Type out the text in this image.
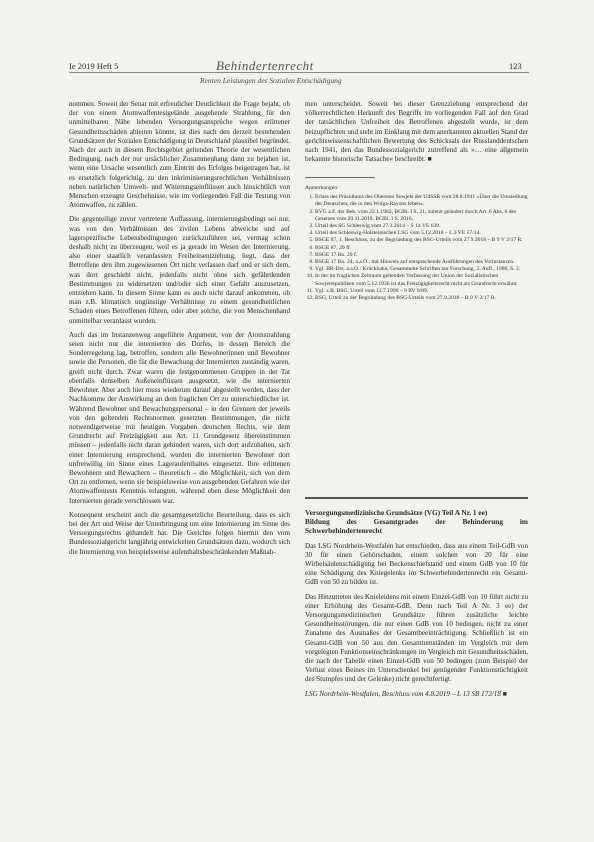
Ie 2019 Heft 5	Behindertenrecht	123
Renten Leistungen des Sozialen Entschädigung

nommen. Soweit der Senat mit erfreulicher Deutlichkeit die Frage bejaht, ob der von einem Atomwaffentestgelände ausgehende Strahlung für den unmittelbaren Nähe lebenden Versorgungsansprüche wegen erlittener Gesundheitsschäden ableiten könnte, ist dies nach den derzeit bestehenden Grundsätzen der Sozialen Entschädigung in Deutschland plausibel begründet. Nach der auch in diesem Rechtsgebiet geltenden Theorie der wesentlichen Bedingung, nach der nur ursächlicher Zusammenhang dann zu bejahen ist, wenn eine Ursache wesentlich zum Eintritt des Erfolges beigetragen hat, ist es ersetzlich folgerichtig, zu den inkriminierungsrechtlichen Verhältnissen neben natürlichen Umwelt- und Witterungseinflüssen auch hinsichtlich von Menschen erzeugte Geschehnisse, wie im vorliegenden Fall die Testung von Atomwaffen, zu zählen.

Die gegenteilige zuvor vertretene Auffassung, internierungsbedingt sei nur, was von den Verhältnissen des zivilen Lebens abweiche und auf lagerspezifische Lebensbedingungen zurückzuführen sei, vermag schon deshalb nicht zu überzeugen, weil es ja gerade im Wesen der Internierung, also einer staatlich veranlassten Freiheitsentziehung, liegt, dass der Betroffene den ihm zugewiesenen Ort nicht verlassen darf und er sich dem, was dort geschieht nicht, jedenfalls nicht ohne sich gefährdenden Bestimmungen zu widersetzen und/oder sich einer Gefahr auszusetzen, entziehen kann. In diesem Sinne kann es auch nicht darauf ankommen, ob man z.B. klimatisch ungünstige Verhältnisse zu einem gesundheitlichen Schaden eines Betroffenen führen, oder aber solche, die von Menschenhand unmittelbar veranlasst wurden.

Auch das im Instanzenweg angeführte Argument, von der Atomstrahlung seien nicht nur die internierten des Dorfes, in dessen Bereich die Sonderregelung lag, betroffen, sondern alle Bewohnerinnen und Bewohner sowie die Personen, die für die Bewachung der Internierten zuständig waren, greift nicht durch. Zwar waren die festgenommenen Gruppen in der Tat ebenfalls denselben Außeneinflüssen ausgesetzt, wie die internierten Bewohner. Aber auch hier muss wiederum darauf abgestellt werden, dass der Nachkomme der Auswirkung an dem fraglichen Ort zu unterschiedlicher ist. Während Bewohner und Bewachungspersonal – in den Grenzen der jeweils von den geltenden Rechtsnormen gesetzten Bestimmungen, die nicht notwendigerweise mit heutigen Vorgaben deutschen Rechts, wie dem Grundrecht auf Freizügigkeit aus Art. 11 Grundgesetz übereinstimmen müssen – jedenfalls nicht daran gehindert waren, sich dort aufzuhalten, sich einer Internierung entsprechend, wurden die internierten Bewohner dort unfreiwillig im Sinne eines Lageraufenthaltes eingesetzt. Ihre erlittenen Bewohnern und Bewachern – theoretisch – die Möglichkeit, sich von dem Ort zu entfernen, wenn sie beispielsweise von ausgehenden Gefahren wie der Atomwaffentests Kenntnis erlangten, während eben diese Möglichkeit den Internierten gerade verschlossen war.

Konsequent erscheint auch die gesamtgesetzliche Beurteilung, dass es sich bei der Art und Weise der Unterbringung um eine Internierung im Sinne des Versorgungsrechts gehandelt hat. Die Gerichte folgen hiermit den vom Bundessozialgericht langjährig entwickelten Grundsätzen dazu, wodurch sich die Internierung von beispielsweise aufenthaltsbeschränkenden Maßnah-

men unterscheidet. Soweit bei dieser Grenzziehung entsprechend der völkerrechtlichen Herkunft des Begriffs im vorliegenden Fall auf den Grad der tatsächlichen Unfreiheit des Betroffenen abgestellt wurde, ist dem beizupflichten und steht im Einklang mit dem anerkannten aktuellen Stand der gerichtswissenschaftlichen Bewertung des Schicksals der Russlanddeutschen nach 1941, den das Bundessozialgericht zutreffend als »… eine allgemein bekannte historische Tatsache« beschreibt. ■

Anmerkungen:
1. Erlass des Präsidiums des Obersten Sowjets der UdSSR vom 28.8.1941 »Über die Umsiedlung der Deutschen, die in den Wolga-Rayons leben«.
2. BVG a.F. der Bek. vom 22.1.1982, BGBl. I S. 21, zuletzt geändert durch Art. 6 Abs. 6 des Gesetzes vom 29.11.2018, BGBl. I S. 2016.
3. Urteil des SG Schleswig vom 27.3.2014 – S 14 VE 639.
4. Urteil des Schleswig-Holsteinischen LSG vom 5.12.2018 – L 2 VE 57/14.
5. BSGE 87, 1. Beschluss, zu der Begründung des BSG-Urteils vom 27.9.2018 – B 9 V 2/17 R.
6. BSGE 87, 29 ff.
7. BSGE 17 Rn. 29 f.
8. BSGE 17 Rn. 24, a.a.O., mit Hinweis auf entsprechende Ausführungen des Vorinstanzen.
9. Vgl. BR-Drs. a.a.O.: Krückhahn, Gesammelte Schriften zur Forschung, 2. Aufl., 1986, S. 2.
10. In der im fraglichen Zeitraum geltenden Verfassung der Union der Sozialistischen Sowjetrepubliken vom 5.12.1936 ist das Freizügigkeitsrecht nicht als Grundrecht erwähnt.
11. Vgl. z.B. BSG, Urteil vom 12.7.1990 – 9 RV 9/89.
12. BSG, Urteil zu der Begründung des BSG-Urteils vom 27.9.2018 – B 9 V 2/17 R.
Versorgungsmedizinische Grundsätze (VG) Teil A Nr. 1 ee)
Bildung des Gesamtgrades der Behinderung im Schwerbehindertenrecht

Das LSG Nordrhein-Westfalen hat entschieden, dass aus einem Teil-GdB von 30 für einen Gehörschaden, einem solchen von 20 für eine Wirbelsäulenschädigung bei Beckenschiefstand und einem GdB von 10 für eine Schädigung des Kniegelenks im Schwerbehindertenrecht ein Gesamt-GdB von 50 zu bilden ist.

Das Hinzutreten des Knieleidens mit einem Einzel-GdB von 10 führt nicht zu einer Erhöhung des Gesamt-GdB. Denn nach Teil A Nr. 3 ee) der Versorgungsmedizinischen Grundsätze führen zusätzliche leichte Gesundheitsstörungen, die nur einen GdB von 10 bedingen, nicht zu einer Zunahme des Ausmaßes der Gesamtbeeinträchtigung. Schließlich ist ein Gesamt-GdB von 50 aus den Gesamtumständen im Vergleich mit dem vorgelegten Funktionseinschränkungen im Vergleich mit Gesundheitsschäden, die nach der Tabelle einen Einzel-GdB von 50 bedingen (zum Beispiel der Verlust eines Beines im Unterschenkel bei genügender Funktionstüchtigkeit des Stumpfes und der Gelenke) nicht gerechtfertigt.

LSG Nordrhein-Westfalen, Beschluss vom 4.8.2019 – L 13 SB 172/18 ■
